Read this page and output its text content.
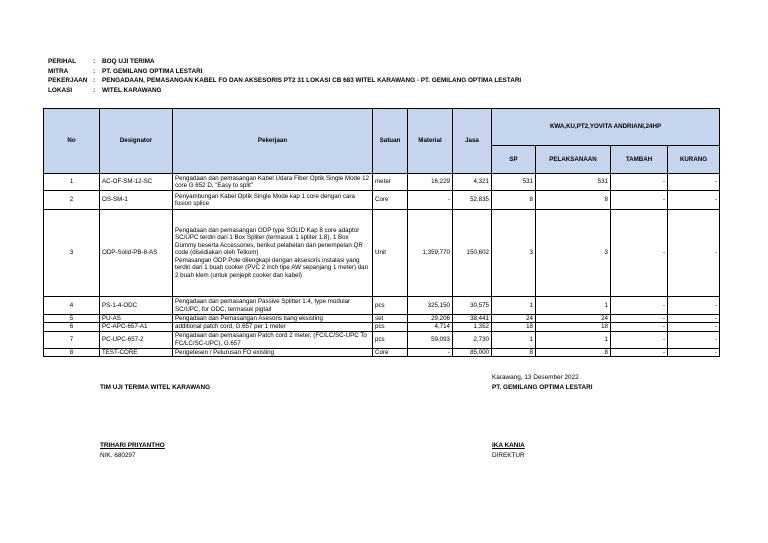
PERIHAL	:	BOQ UJI TERIMA
MITRA	:	PT. GEMILANG OPTIMA LESTARI
PEKERJAAN :	PENGADAAN, PEMASANGAN KABEL FO DAN AKSESORIS PT2 31 LOKASI CB 683 WITEL KARAWANG - PT. GEMILANG OPTIMA LESTARI
LOKASI	:	WITEL KARAWANG
No	Designator	Pekerjaan	Satuan	Material	Jasa	KWA,KU,PT2,YOVITA ANDRIANI,24HP			
						SP	PELAKSANAAN	TAMBAH	KURANG
1	AC-OF-SM-12-SC	Pengadaan dan pemasangan Kabel Udara Fiber Optik Single Mode 12 core G 652 D, "Easy to split"	meter	16,229	4,321	531	531	-	-
2	OS-SM-1	Penyambungan Kabel Optik Single Mode kap 1 core dengan cara fusion splice	Core	-	52,835	8	8	-	-
3	ODP-Solid-PB-8-AS	Pengadaan dan pemasangan ODP type SOLID Kap 8 core adaptor SC/UPC terdiri dari 1 Box Spliter (termasuk 1 spliter 1:8), 1 Box Dummy beserta Accessories, berikut pelabelan dan penempelan QR code (disediakan oleh Telkom)
Pemasangan ODP Pole dilengkapi dengan aksesoris instalasi yang terdiri dari 1 buah cooker (PVC 2 inch tipe AW sepanjang 1 meter) dan 2 buah klem (untuk penjepit cooker dan kabel)	Unit	1,359,770	150,602	3	3	-	-
4	PS-1-4-ODC	Pengadaan dan pemasangan Passive Splitter 1:4, type modular SC/UPC, for ODC, termasuk pigtail	pcs	325,150	30,575	1	1	-	-
5	PU-AS	Pengadaan dan Pemasangan Asesoris tiang eksisting	set	29,206	38,441	24	24	-	-
6	PC-APC-657-A1	additional patch cord, G.657 per 1 meter	pcs	4,714	1,352	18	18	-	-
7	PC-UPC-657-2	Pengadaan dan pemasangan Patch cord 2 meter, (FC/LC/SC-UPC To FC/LC/SC-UPC), G.657	pcs	59,093	2,730	1	1	-	-
8	TEST-CORE	Pengetesen / Pelurusan FO existing	Core	-	85,000	8	8	-	-
Karawang, 13 Desember 2022
PT. GEMILANG OPTIMA LESTARI
TIM UJI TERIMA WITEL KARAWANG
TRIHARI PRIYANTHO
NIK. 680297
IKA KANIA
DIREKTUR
